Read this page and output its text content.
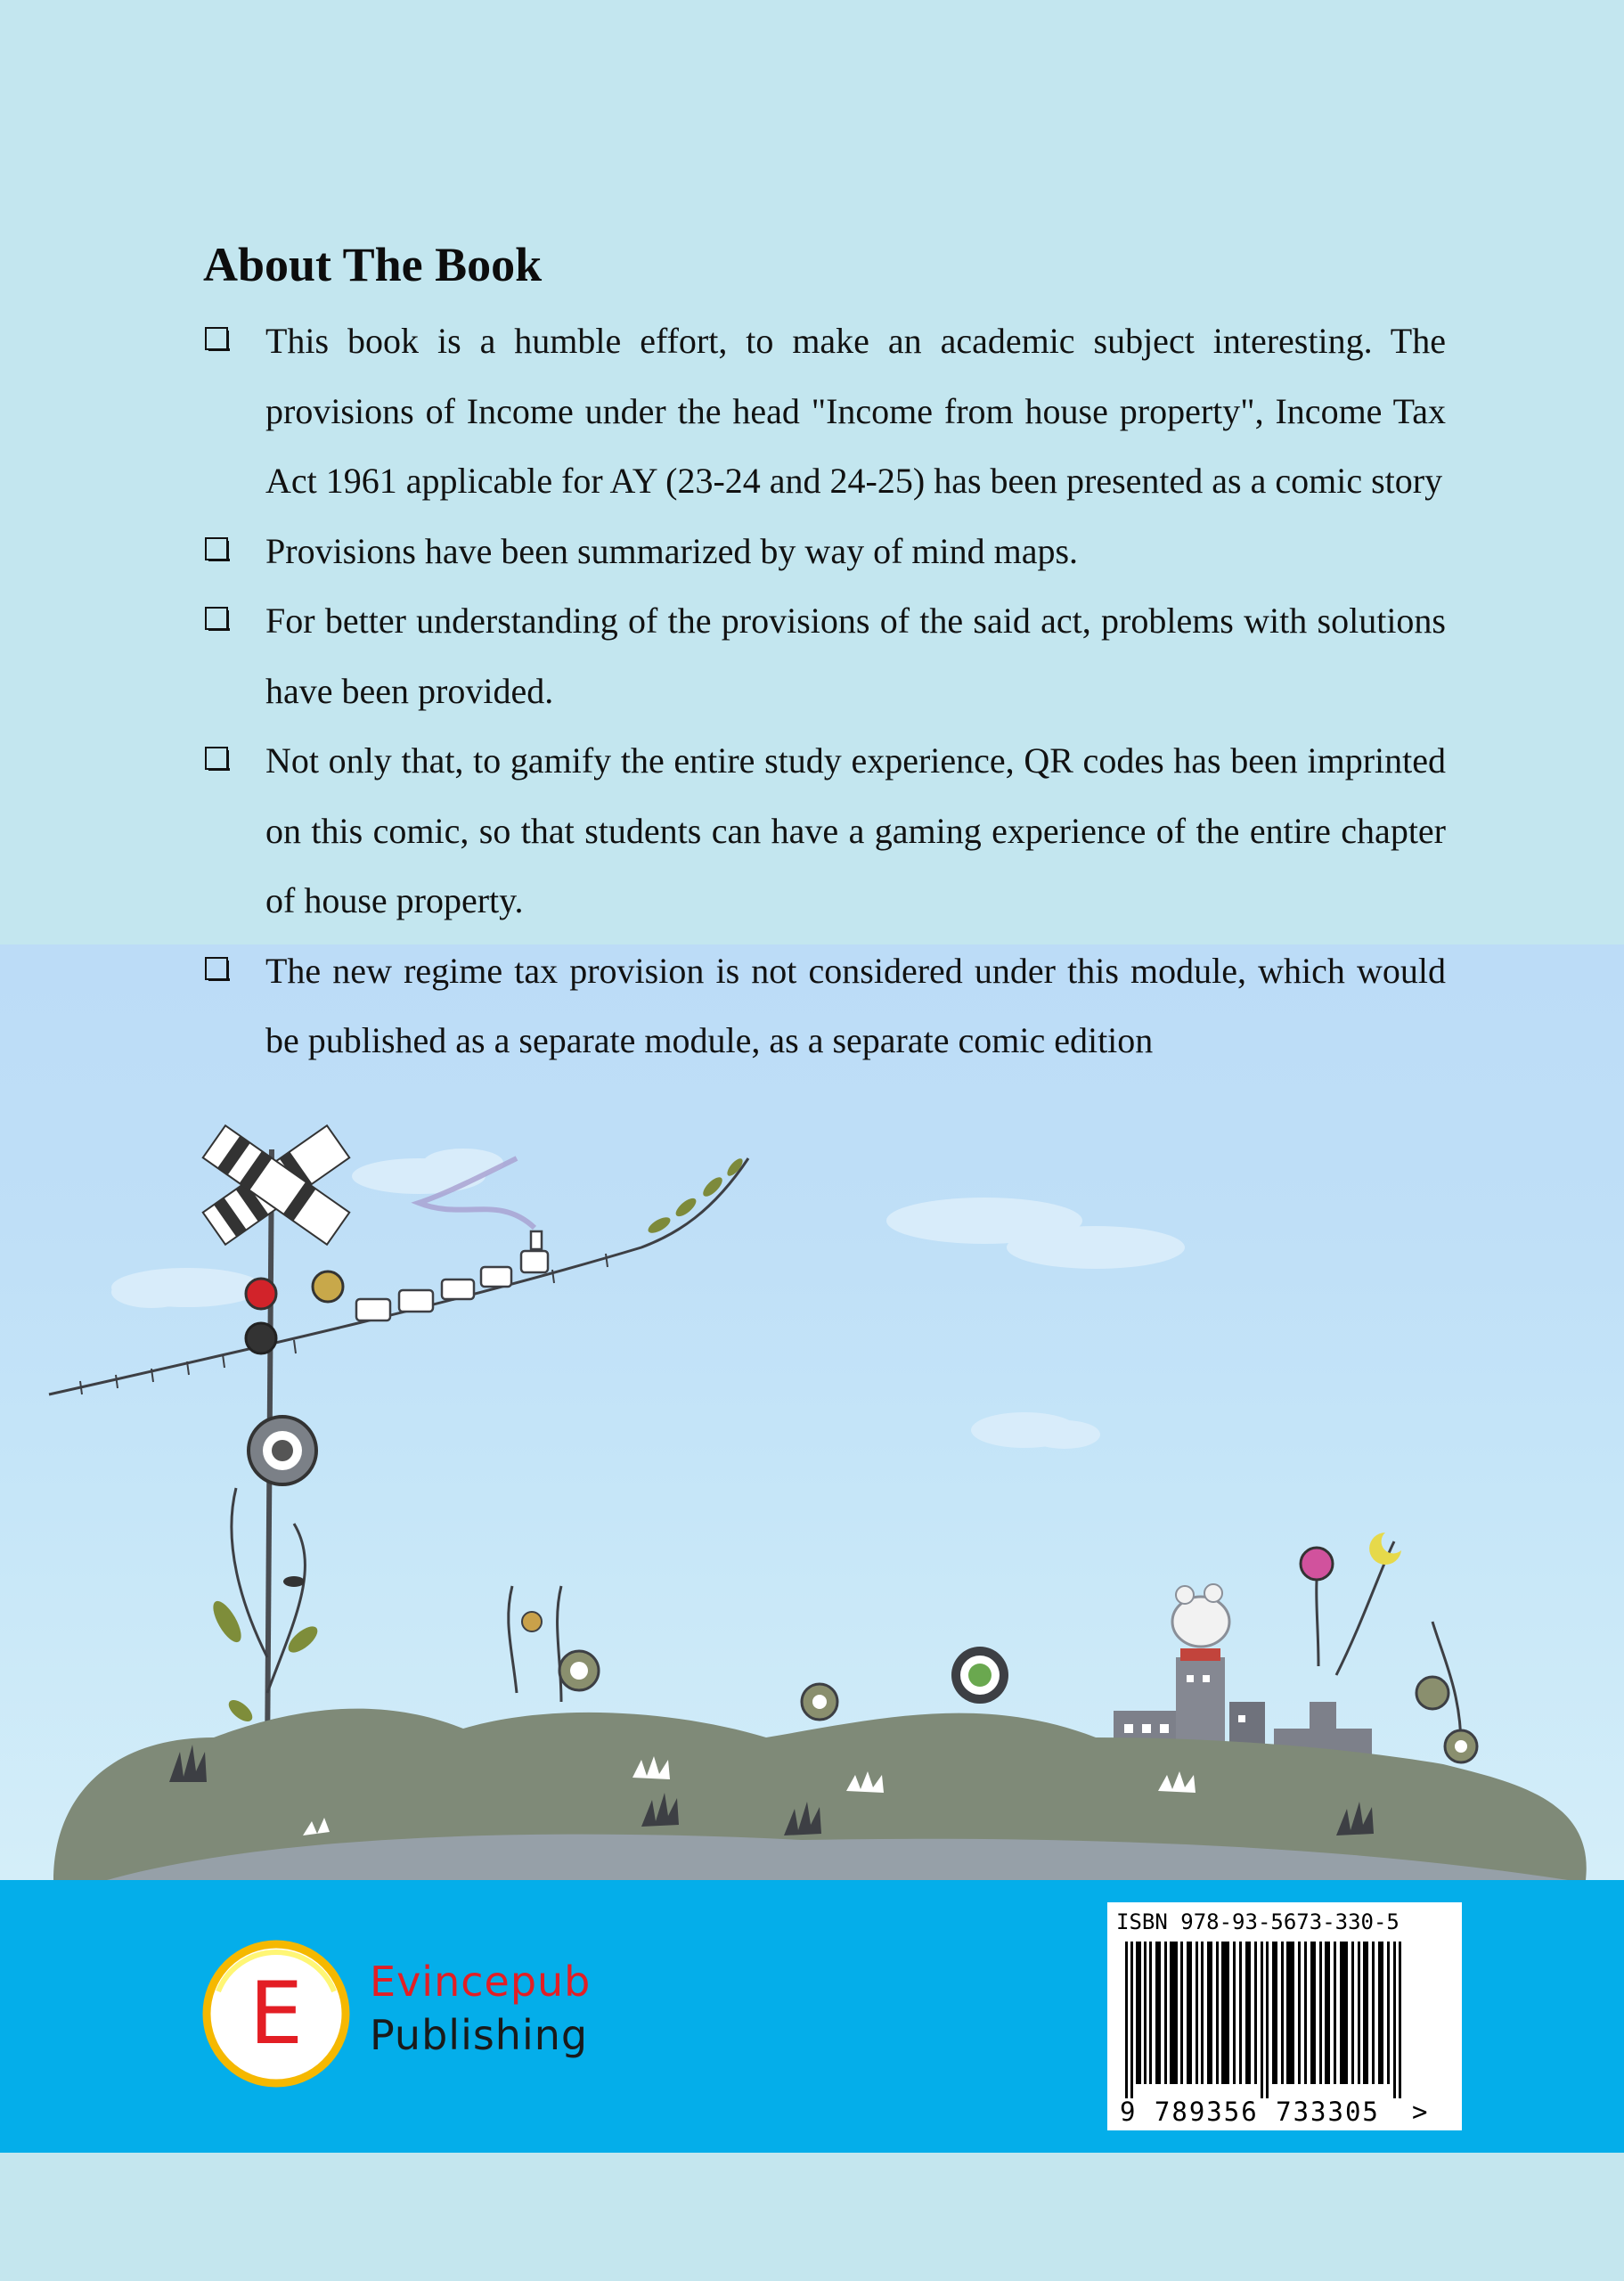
About The Book
This book is a humble effort, to make an academic subject interesting. The provisions of Income under the head "Income from house property", Income Tax Act 1961 applicable for AY (23-24 and 24-25) has been presented as a comic story
Provisions have been summarized by way of mind maps.
For better understanding of the provisions of the said act, problems with solutions have been provided.
Not only that, to gamify the entire study experience, QR codes has been imprinted on this comic, so that students can have a gaming experience of the entire chapter of house property.
The new regime tax provision is not considered under this module, which would be published as a separate module, as a separate comic edition
E Evincepub
Publishing
ISBN 978-93-5673-330-5
9 789356 733305 >
